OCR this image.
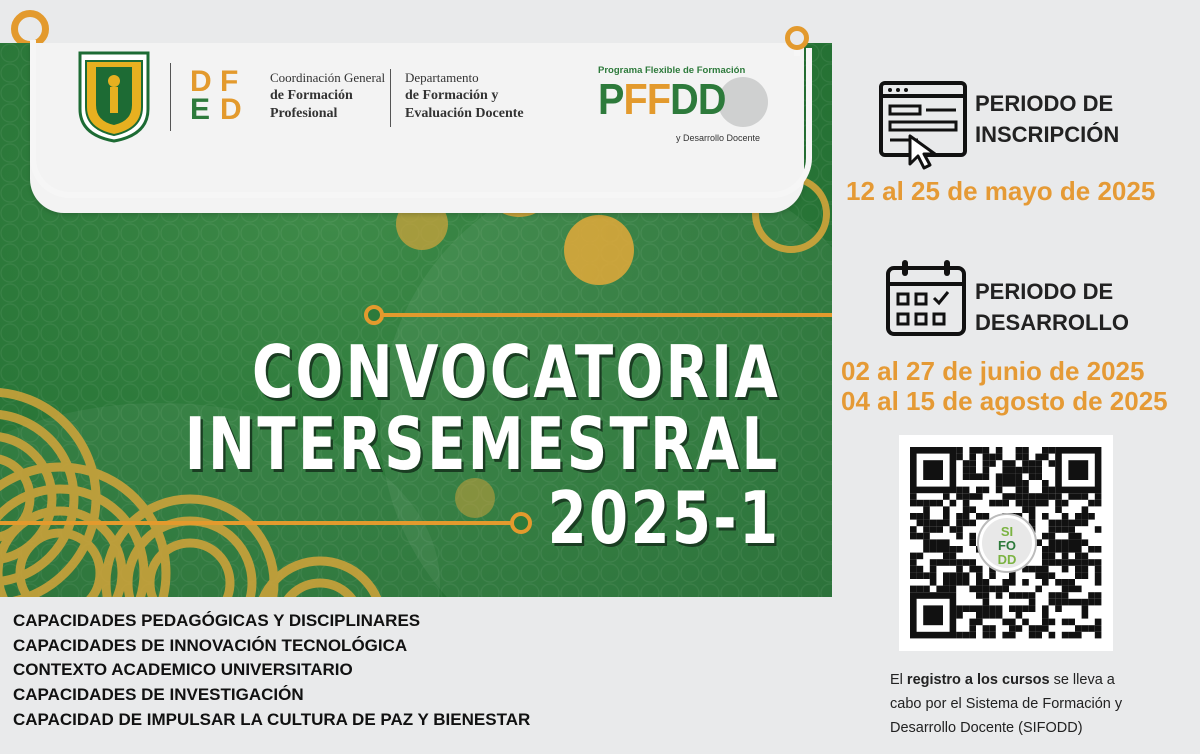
D F
E D
Coordinación General
de Formación
Profesional
Departamento
de Formación y
Evaluación Docente
Programa Flexible de Formación
PFFDD
y Desarrollo Docente
CONVOCATORIA
INTERSEMESTRAL
2025-1
PERIODO DE
INSCRIPCIÓN
12 al 25 de mayo de 2025
PERIODO DE
DESARROLLO
02 al 27 de junio de 2025
04 al 15 de agosto de 2025
SI
FO
DD
CAPACIDADES PEDAGÓGICAS Y DISCIPLINARES
CAPACIDADES DE INNOVACIÓN TECNOLÓGICA
CONTEXTO ACADEMICO UNIVERSITARIO
CAPACIDADES DE INVESTIGACIÓN
CAPACIDAD DE IMPULSAR LA CULTURA DE PAZ Y BIENESTAR
El registro a los cursos se lleva a cabo por el Sistema de Formación y Desarrollo Docente (SIFODD)
